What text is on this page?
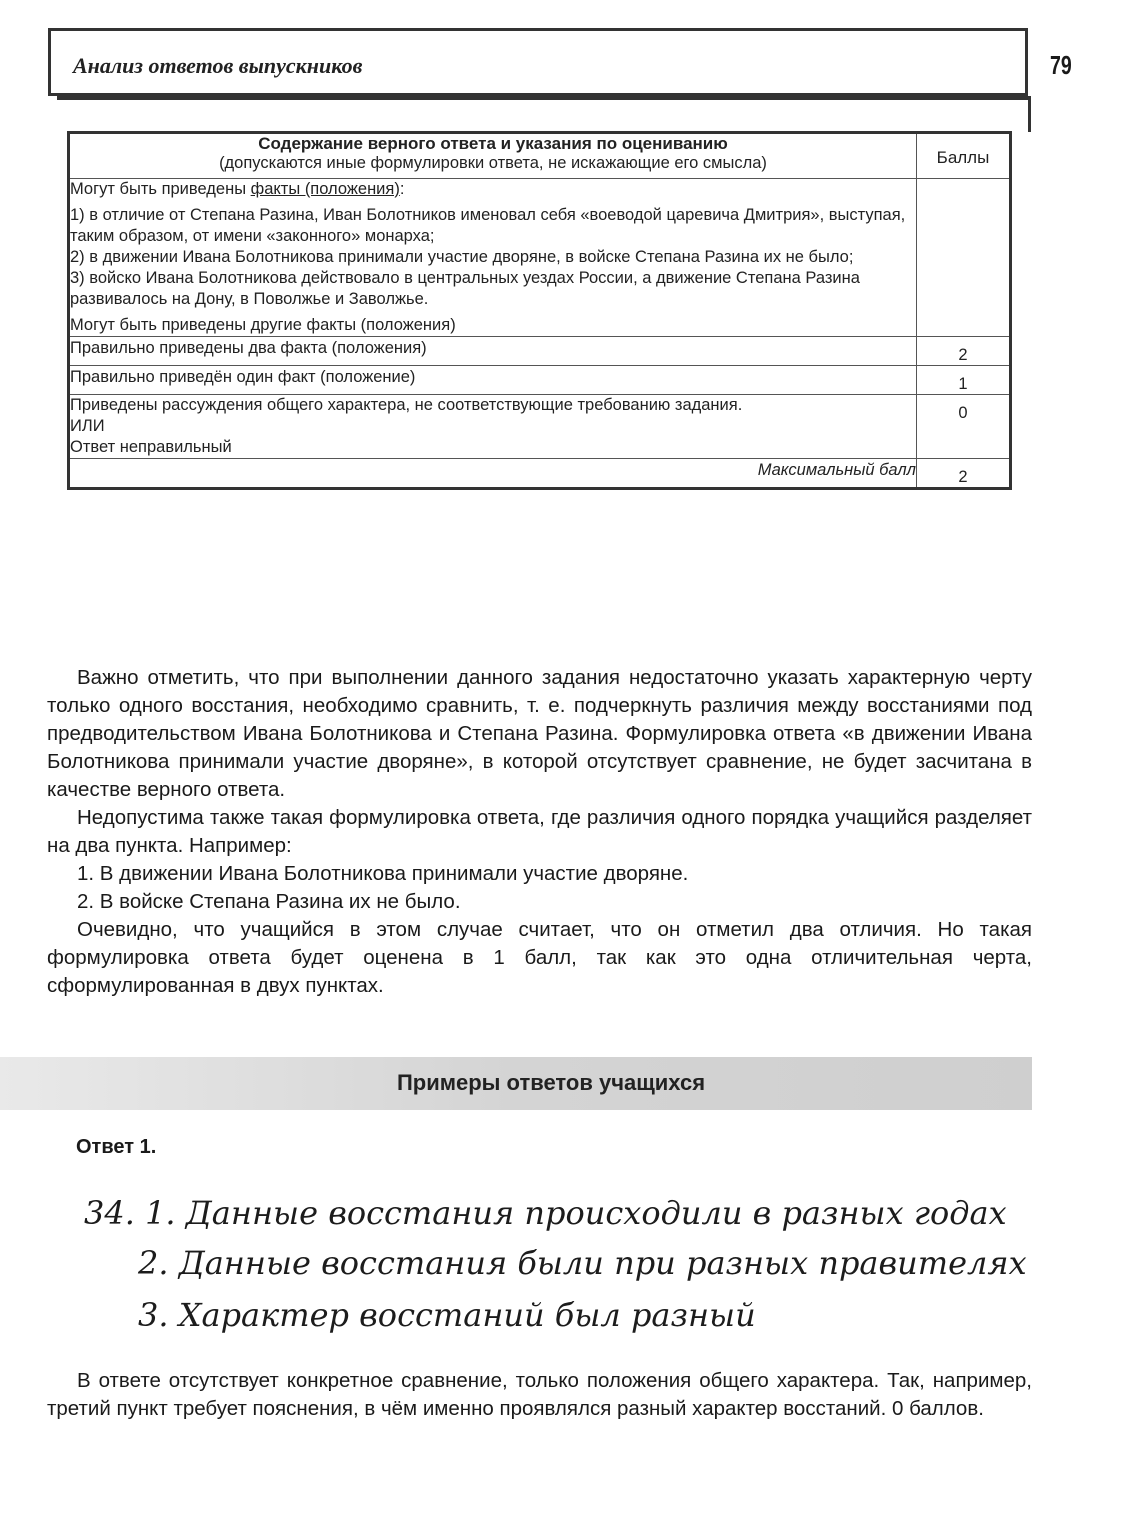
Анализ ответов выпускников	79
Содержание верного ответа и указания по оцениванию
(допускаются иные формулировки ответа, не искажающие его смысла)	Баллы

Могут быть приведены факты (положения):

1) в отличие от Степана Разина, Иван Болотников именовал себя «воеводой царевича Дмитрия», выступая, таким образом, от имени «законного» монарха;

2) в движении Ивана Болотникова принимали участие дворяне, в войске Степана Разина их не было;

3) войско Ивана Болотникова действовало в центральных уездах России, а движение Степана Разина развивалось на Дону, в Поволжье и Заволжье.

Могут быть приведены другие факты (положения)	

Правильно приведены два факта (положения)	2
Правильно приведён один факт (положение)	1

Приведены рассуждения общего характера, не соответствующие требованию задания.

ИЛИ

Ответ неправильный	0
Максимальный балл	2

Важно отметить, что при выполнении данного задания недостаточно указать характерную черту только одного восстания, необходимо сравнить, т. е. подчеркнуть различия между восстаниями под предводительством Ивана Болотникова и Степана Разина. Формулировка ответа «в движении Ивана Болотникова принимали участие дворяне», в которой отсутствует сравнение, не будет засчитана в качестве верного ответа.

Недопустима также такая формулировка ответа, где различия одного порядка учащийся разделяет на два пункта. Например:

1. В движении Ивана Болотникова принимали участие дворяне.

2. В войске Степана Разина их не было.

Очевидно, что учащийся в этом случае считает, что он отметил два отличия. Но такая формулировка ответа будет оценена в 1 балл, так как это одна отличительная черта, сформулированная в двух пунктах.

Примеры ответов учащихся
Ответ 1.
34. 1. Данные восстания происходили в разных годах
2. Данные восстания были при разных правителях
3. Характер восстаний был разный

В ответе отсутствует конкретное сравнение, только положения общего характера. Так, например, третий пункт требует пояснения, в чём именно проявлялся разный характер восстаний. 0 баллов.
